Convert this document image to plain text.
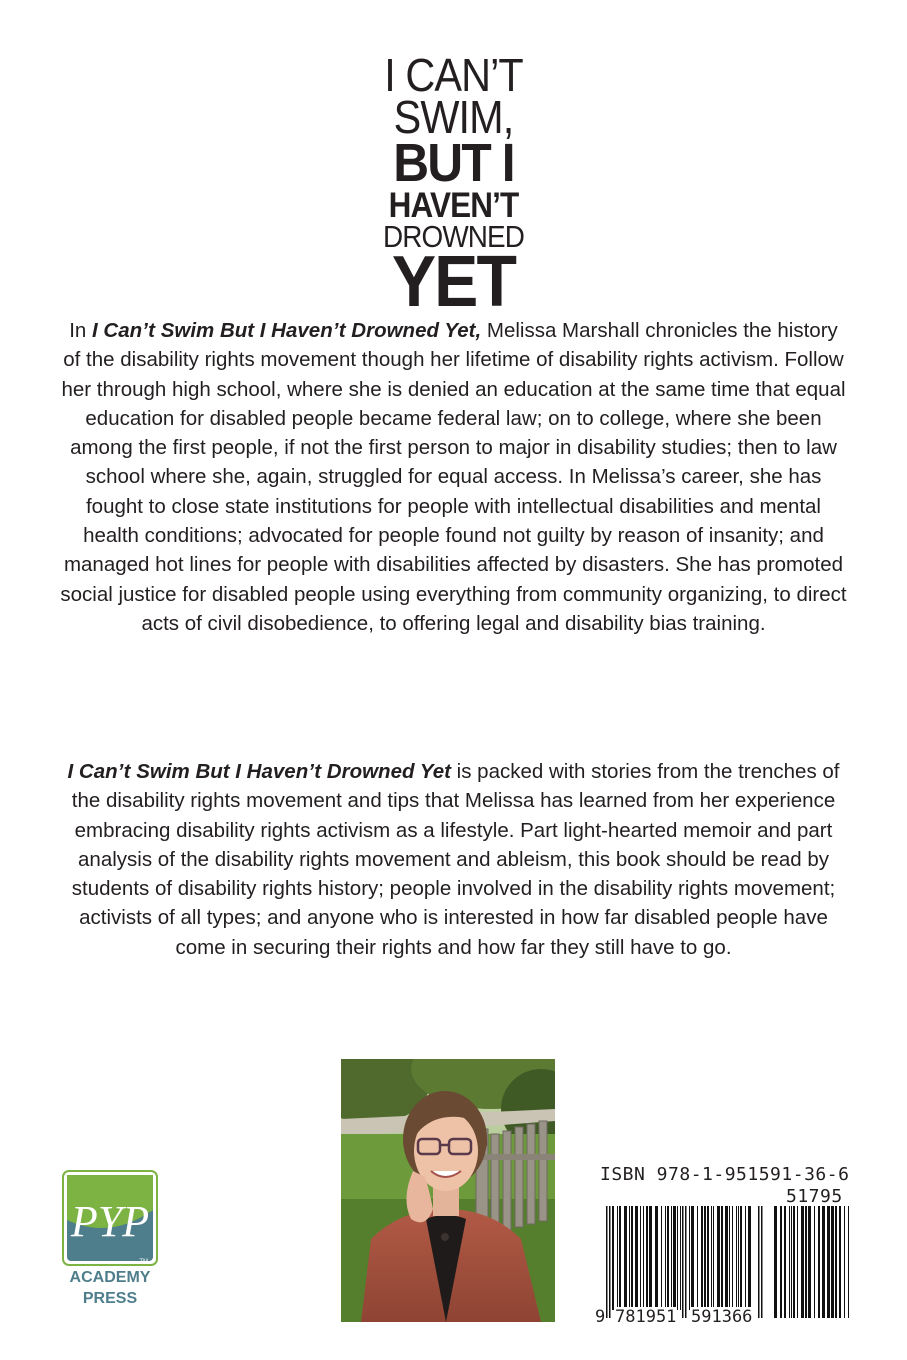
I CAN’T
SWIM,
BUT I
HAVEN’T
DROWNED
YET

In I Can’t Swim But I Haven’t Drowned Yet, Melissa Marshall chronicles the history of the disability rights movement though her lifetime of disability rights activism. Follow her through high school, where she is denied an education at the same time that equal education for disabled people became federal law; on to college, where she been among the first people, if not the first person to major in disability studies; then to law school where she, again, struggled for equal access. In Melissa’s career, she has fought to close state institutions for people with intellectual disabilities and mental health conditions; advocated for people found not guilty by reason of insanity; and managed hot lines for people with disabilities affected by disasters. She has promoted social justice for disabled people using everything from community organizing, to direct acts of civil disobedience, to offering legal and disability bias training.

I Can’t Swim But I Haven’t Drowned Yet is packed with stories from the trenches of the disability rights movement and tips that Melissa has learned from her experience embracing disability rights activism as a lifestyle. Part light-hearted memoir and part analysis of the disability rights movement and ableism, this book should be read by students of disability rights history; people involved in the disability rights movement; activists of all types; and anyone who is interested in how far disabled people have come in securing their rights and how far they still have to go.

PYP
TM
ACADEMY
PRESS
ISBN 978-1-951591-36-6
51795
9 781951 591366
